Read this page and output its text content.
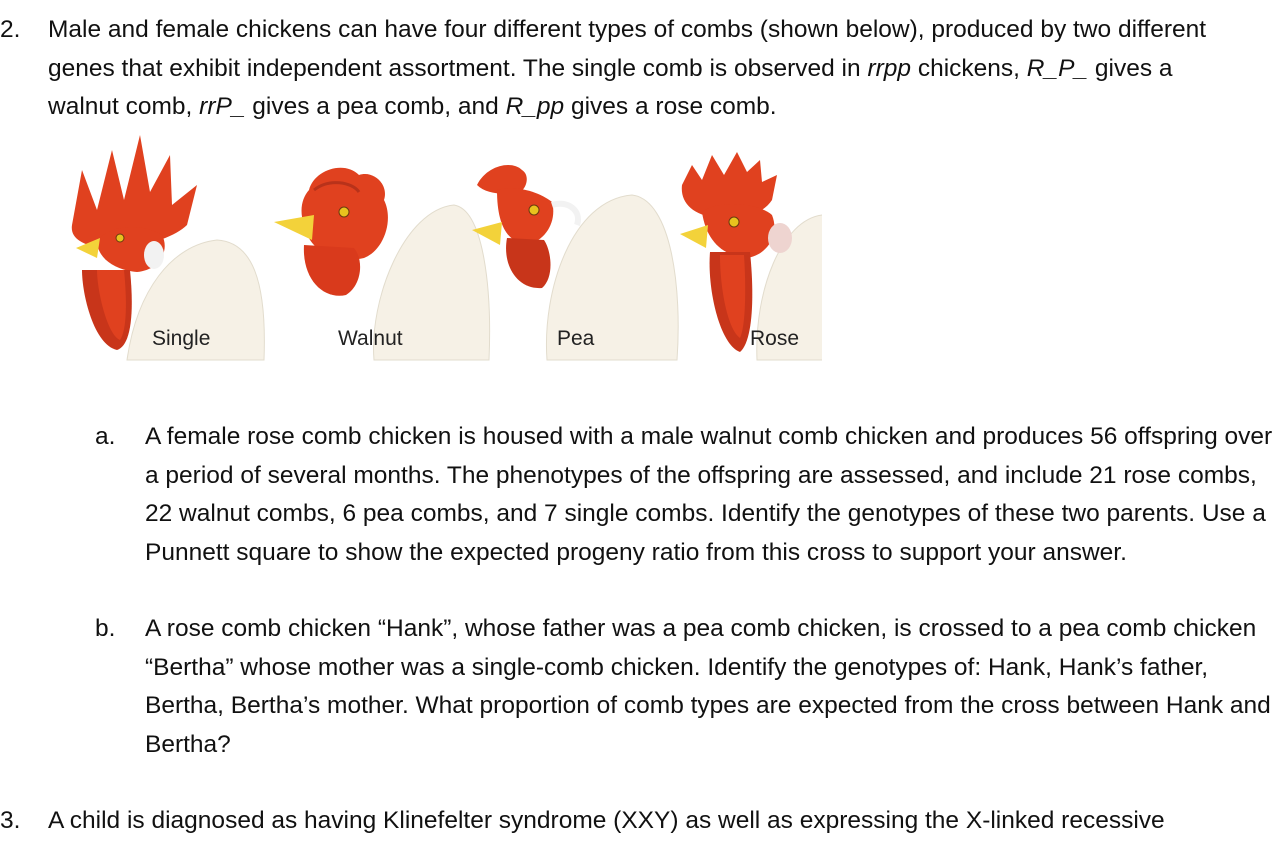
2. Male and female chickens can have four different types of combs (shown below), produced by two different genes that exhibit independent assortment. The single comb is observed in rrpp chickens, R_P_ gives a walnut comb, rrP_ gives a pea comb, and R_pp gives a rose comb.
Single	Walnut	Pea	Rose
a. A female rose comb chicken is housed with a male walnut comb chicken and produces 56 offspring over a period of several months. The phenotypes of the offspring are assessed, and include 21 rose combs, 22 walnut combs, 6 pea combs, and 7 single combs. Identify the genotypes of these two parents. Use a Punnett square to show the expected progeny ratio from this cross to support your answer.
b. A rose comb chicken “Hank”, whose father was a pea comb chicken, is crossed to a pea comb chicken “Bertha” whose mother was a single-comb chicken. Identify the genotypes of: Hank, Hank’s father, Bertha, Bertha’s mother. What proportion of comb types are expected from the cross between Hank and Bertha?
3. A child is diagnosed as having Klinefelter syndrome (XXY) as well as expressing the X-linked recessive
